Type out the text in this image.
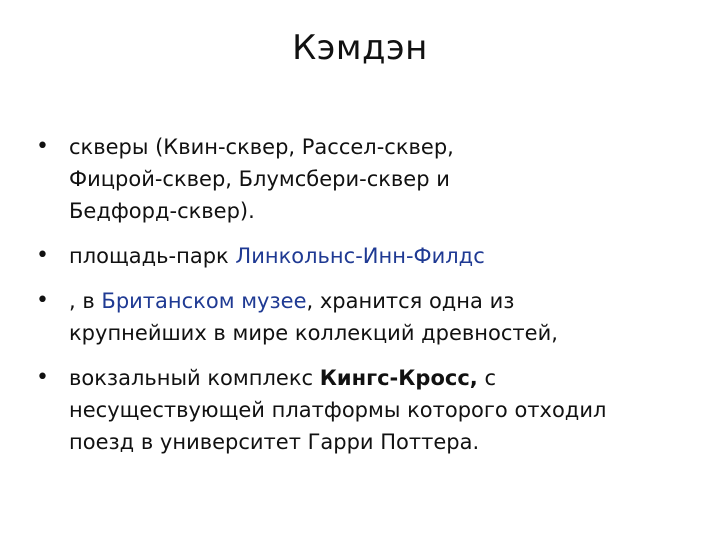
Кэмдэн
• скверы (Квин-сквер, Рассел-сквер,
Фицрой-сквер, Блумсбери-сквер и
Бедфорд-сквер).
• площадь-парк Линкольнс-Инн-Филдс
• , в Британском музее, хранится одна из
крупнейших в мире коллекций древностей,
• вокзальный комплекс Кингс-Кросс, с
несуществующей платформы которого отходил
поезд в университет Гарри Поттера.
